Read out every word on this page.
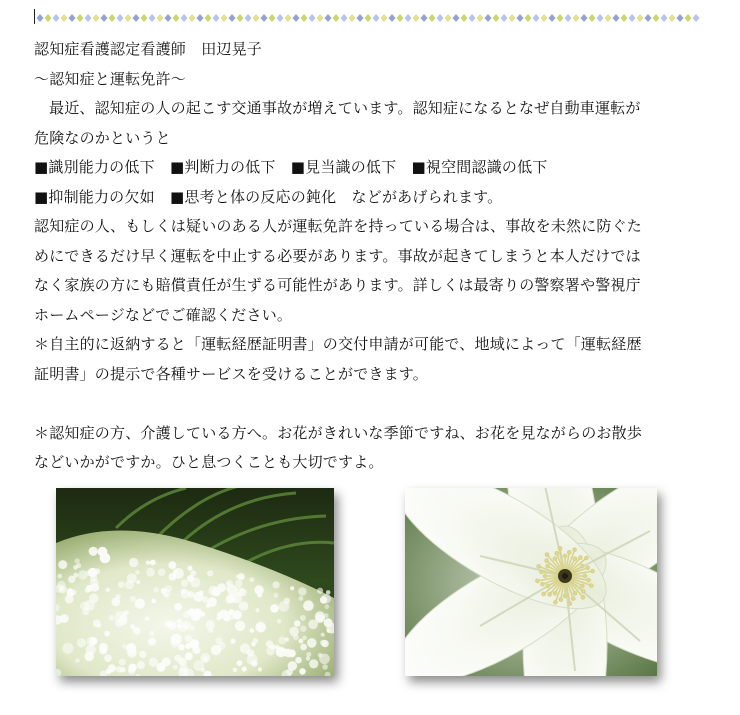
認知症看護認定看護師　田辺晃子
～認知症と運転免許～
最近、認知症の人の起こす交通事故が増えています。認知症になるとなぜ自動車運転が
危険なのかというと
■識別能力の低下　■判断力の低下　■見当識の低下　■視空間認識の低下
■抑制能力の欠如　■思考と体の反応の鈍化　などがあげられます。
認知症の人、もしくは疑いのある人が運転免許を持っている場合は、事故を未然に防ぐた
めにできるだけ早く運転を中止する必要があります。事故が起きてしまうと本人だけでは
なく家族の方にも賠償責任が生ずる可能性があります。詳しくは最寄りの警察署や警視庁
ホームページなどでご確認ください。
＊自主的に返納すると「運転経歴証明書」の交付申請が可能で、地域によって「運転経歴
証明書」の提示で各種サービスを受けることができます。
＊認知症の方、介護している方へ。お花がきれいな季節ですね、お花を見ながらのお散歩
などいかがですか。ひと息つくことも大切ですよ。
